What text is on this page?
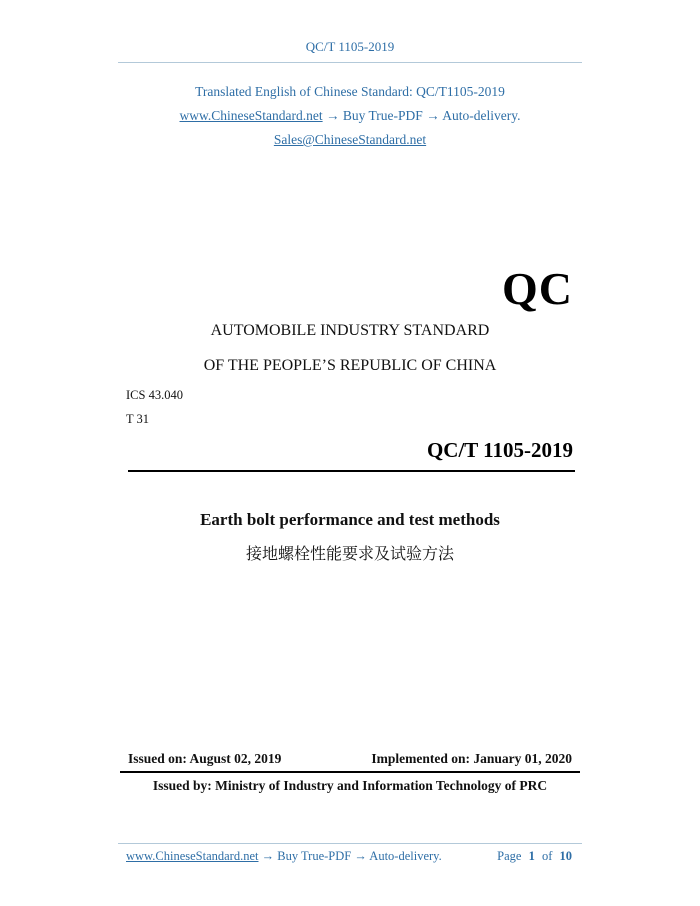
QC/T 1105-2019
Translated English of Chinese Standard: QC/T1105-2019
www.ChineseStandard.net → Buy True-PDF → Auto-delivery.
Sales@ChineseStandard.net
QC
AUTOMOBILE INDUSTRY STANDARD
OF THE PEOPLE’S REPUBLIC OF CHINA
ICS 43.040
T 31
QC/T 1105-2019
Earth bolt performance and test methods
接地螺栓性能要求及试验方法
Issued on: August 02, 2019	Implemented on: January 01, 2020
Issued by: Ministry of Industry and Information Technology of PRC
www.ChineseStandard.net → Buy True-PDF → Auto-delivery.	Page 1 of 10
